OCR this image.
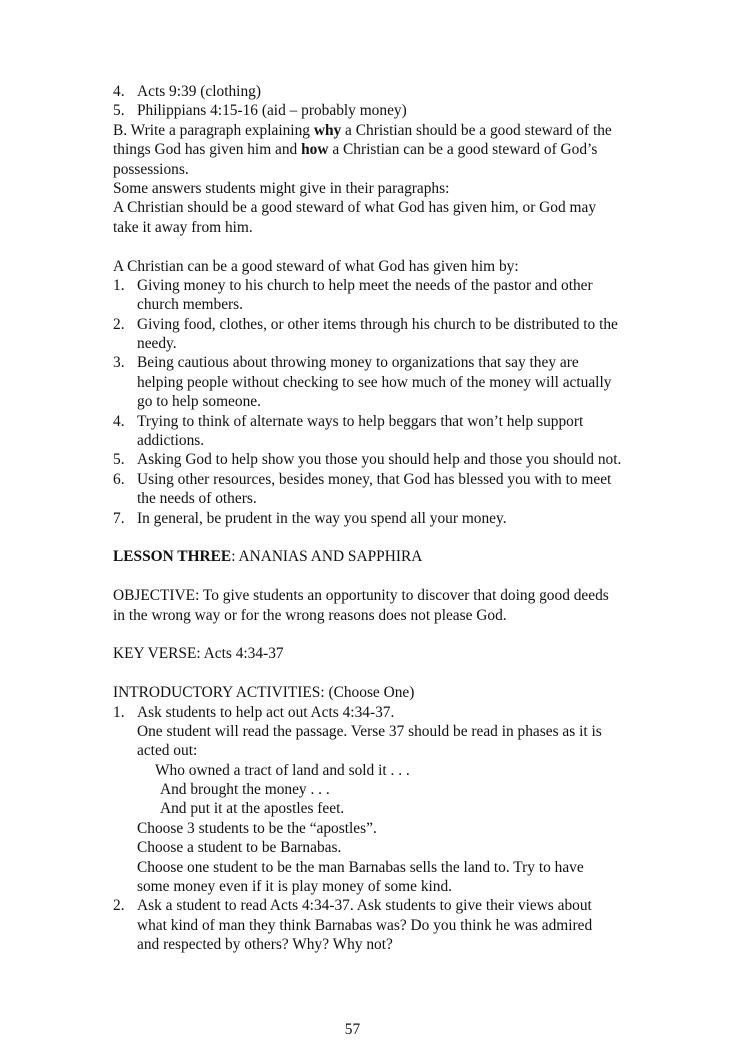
4. Acts 9:39 (clothing)
5. Philippians 4:15-16 (aid – probably money)
B. Write a paragraph explaining why a Christian should be a good steward of the
things God has given him and how a Christian can be a good steward of God’s
possessions.
Some answers students might give in their paragraphs:
A Christian should be a good steward of what God has given him, or God may
take it away from him.
A Christian can be a good steward of what God has given him by:
1. Giving money to his church to help meet the needs of the pastor and other
church members.
2. Giving food, clothes, or other items through his church to be distributed to the
needy.
3. Being cautious about throwing money to organizations that say they are
helping people without checking to see how much of the money will actually
go to help someone.
4. Trying to think of alternate ways to help beggars that won’t help support
addictions.
5. Asking God to help show you those you should help and those you should not.
6. Using other resources, besides money, that God has blessed you with to meet
the needs of others.
7. In general, be prudent in the way you spend all your money.
LESSON THREE: ANANIAS AND SAPPHIRA
OBJECTIVE: To give students an opportunity to discover that doing good deeds
in the wrong way or for the wrong reasons does not please God.
KEY VERSE: Acts 4:34-37
INTRODUCTORY ACTIVITIES: (Choose One)
1. Ask students to help act out Acts 4:34-37.
One student will read the passage. Verse 37 should be read in phases as it is
acted out:
Who owned a tract of land and sold it . . .
And brought the money . . .
And put it at the apostles feet.
Choose 3 students to be the “apostles”.
Choose a student to be Barnabas.
Choose one student to be the man Barnabas sells the land to. Try to have
some money even if it is play money of some kind.
2. Ask a student to read Acts 4:34-37. Ask students to give their views about
what kind of man they think Barnabas was? Do you think he was admired
and respected by others? Why? Why not?
57
